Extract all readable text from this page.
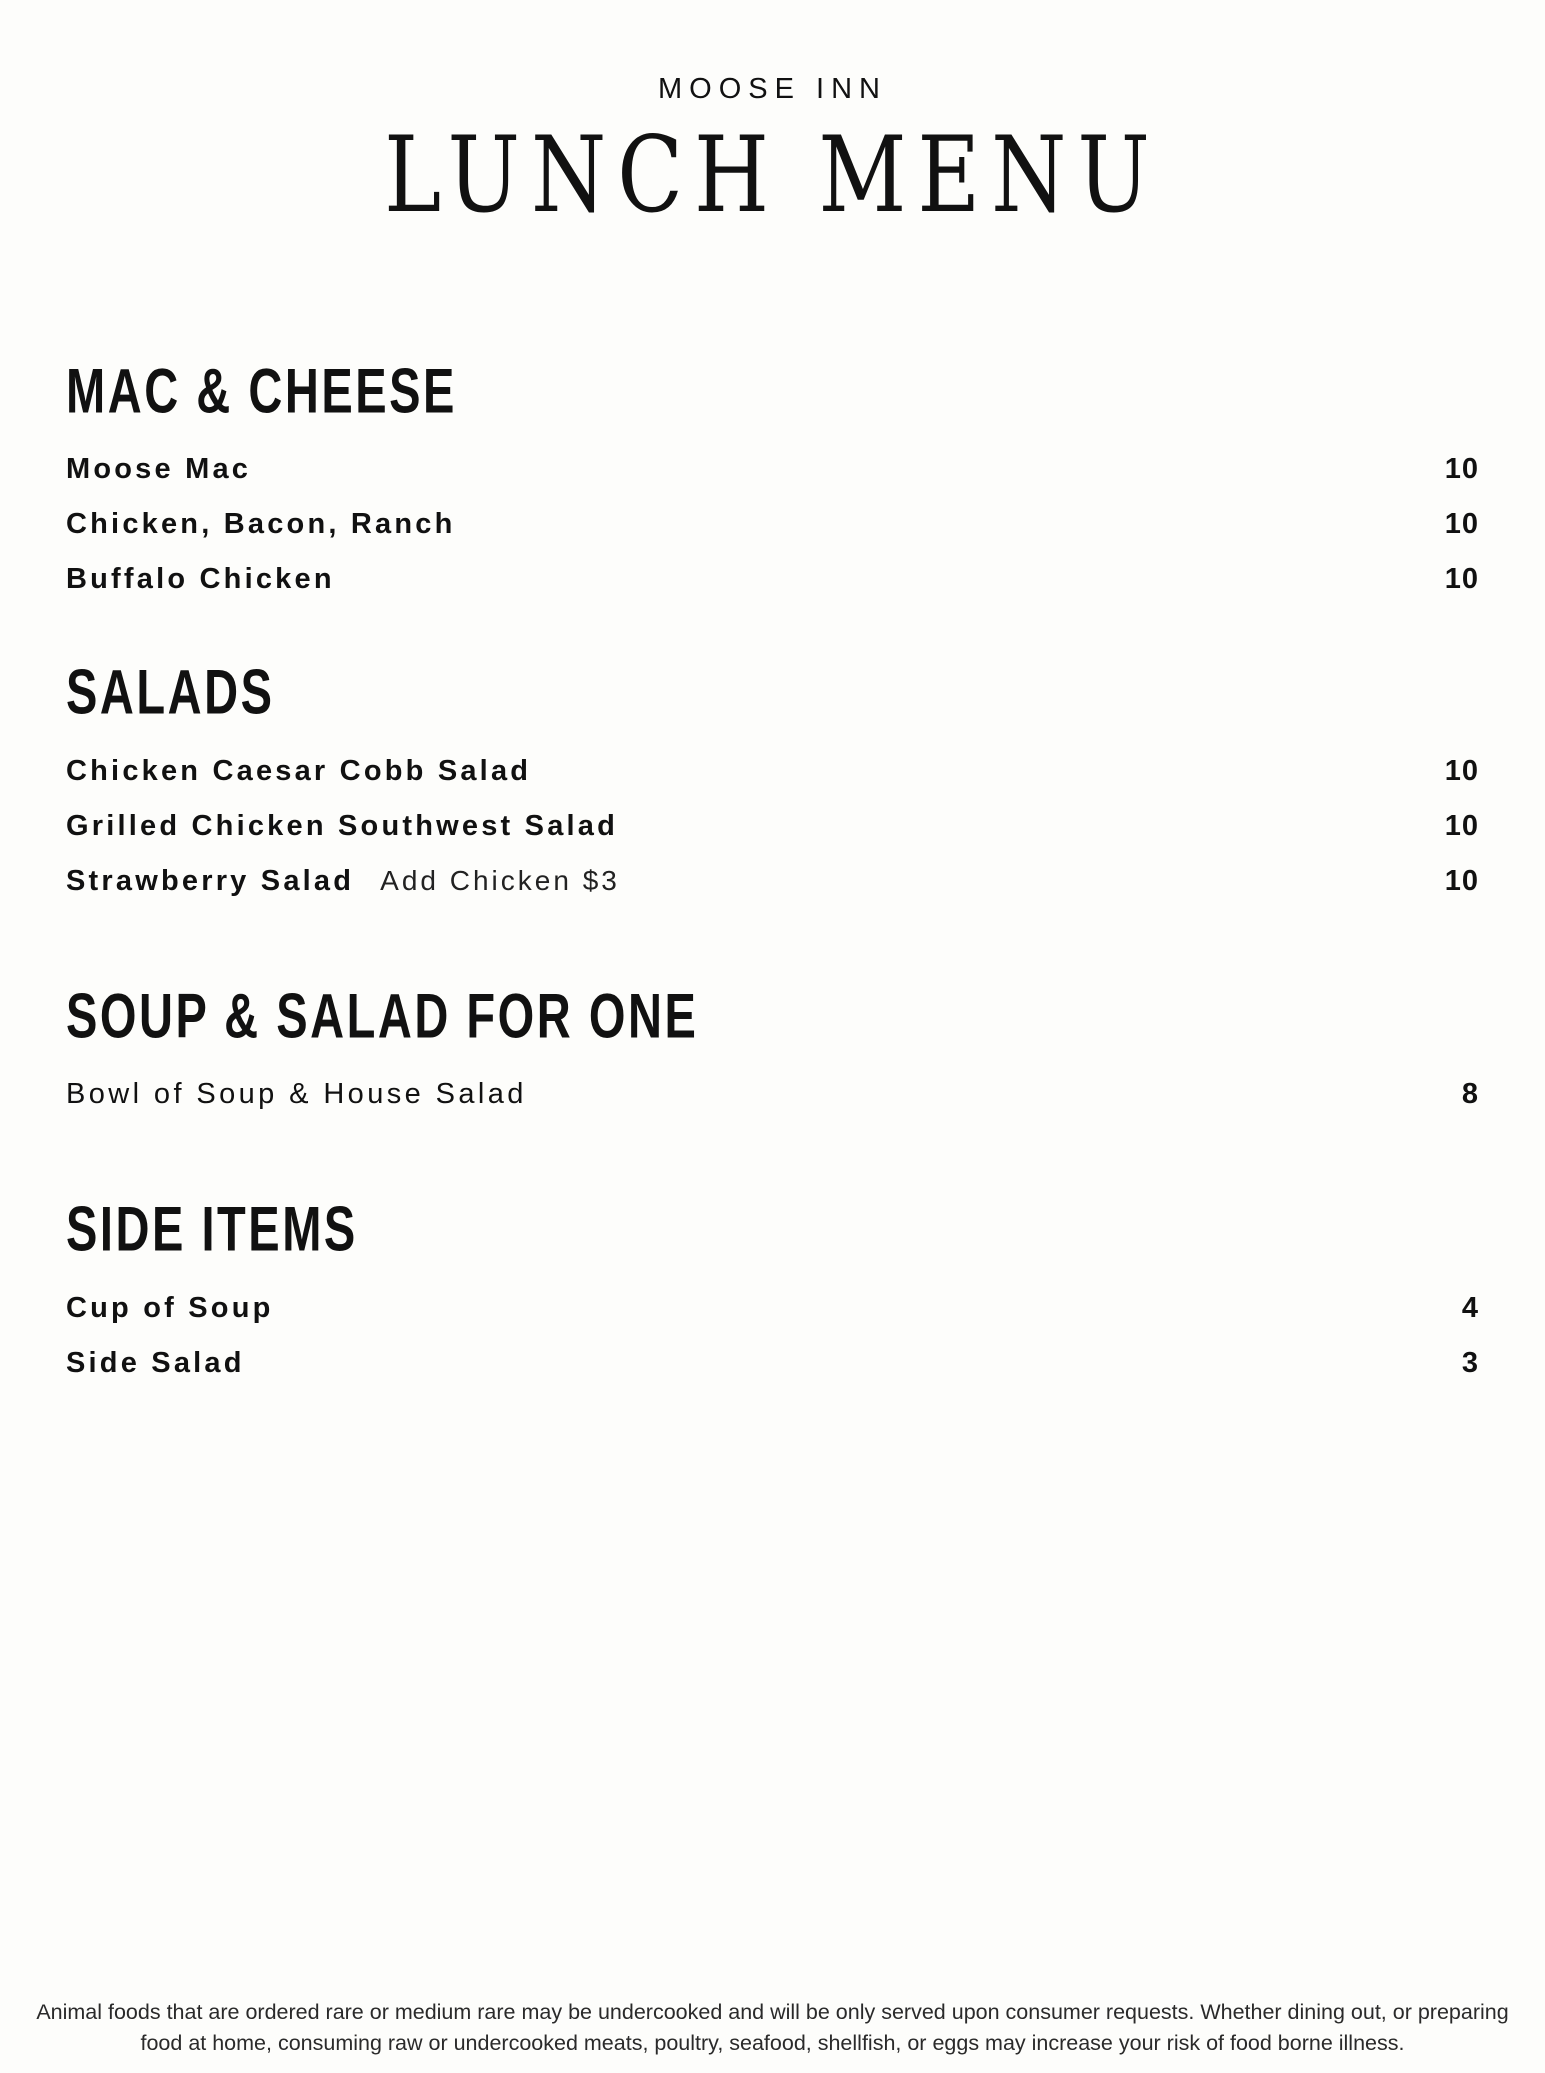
MOOSE INN
LUNCH MENU
MAC & CHEESE
Moose Mac	10
Chicken, Bacon, Ranch	10
Buffalo Chicken	10
SALADS
Chicken Caesar Cobb Salad	10
Grilled Chicken Southwest Salad	10
Strawberry Salad Add Chicken $3	10
SOUP & SALAD FOR ONE
Bowl of Soup & House Salad	8
SIDE ITEMS
Cup of Soup	4
Side Salad	3
Animal foods that are ordered rare or medium rare may be undercooked and will be only served upon consumer requests. Whether dining out, or preparing food at home, consuming raw or undercooked meats, poultry, seafood, shellfish, or eggs may increase your risk of food borne illness.
